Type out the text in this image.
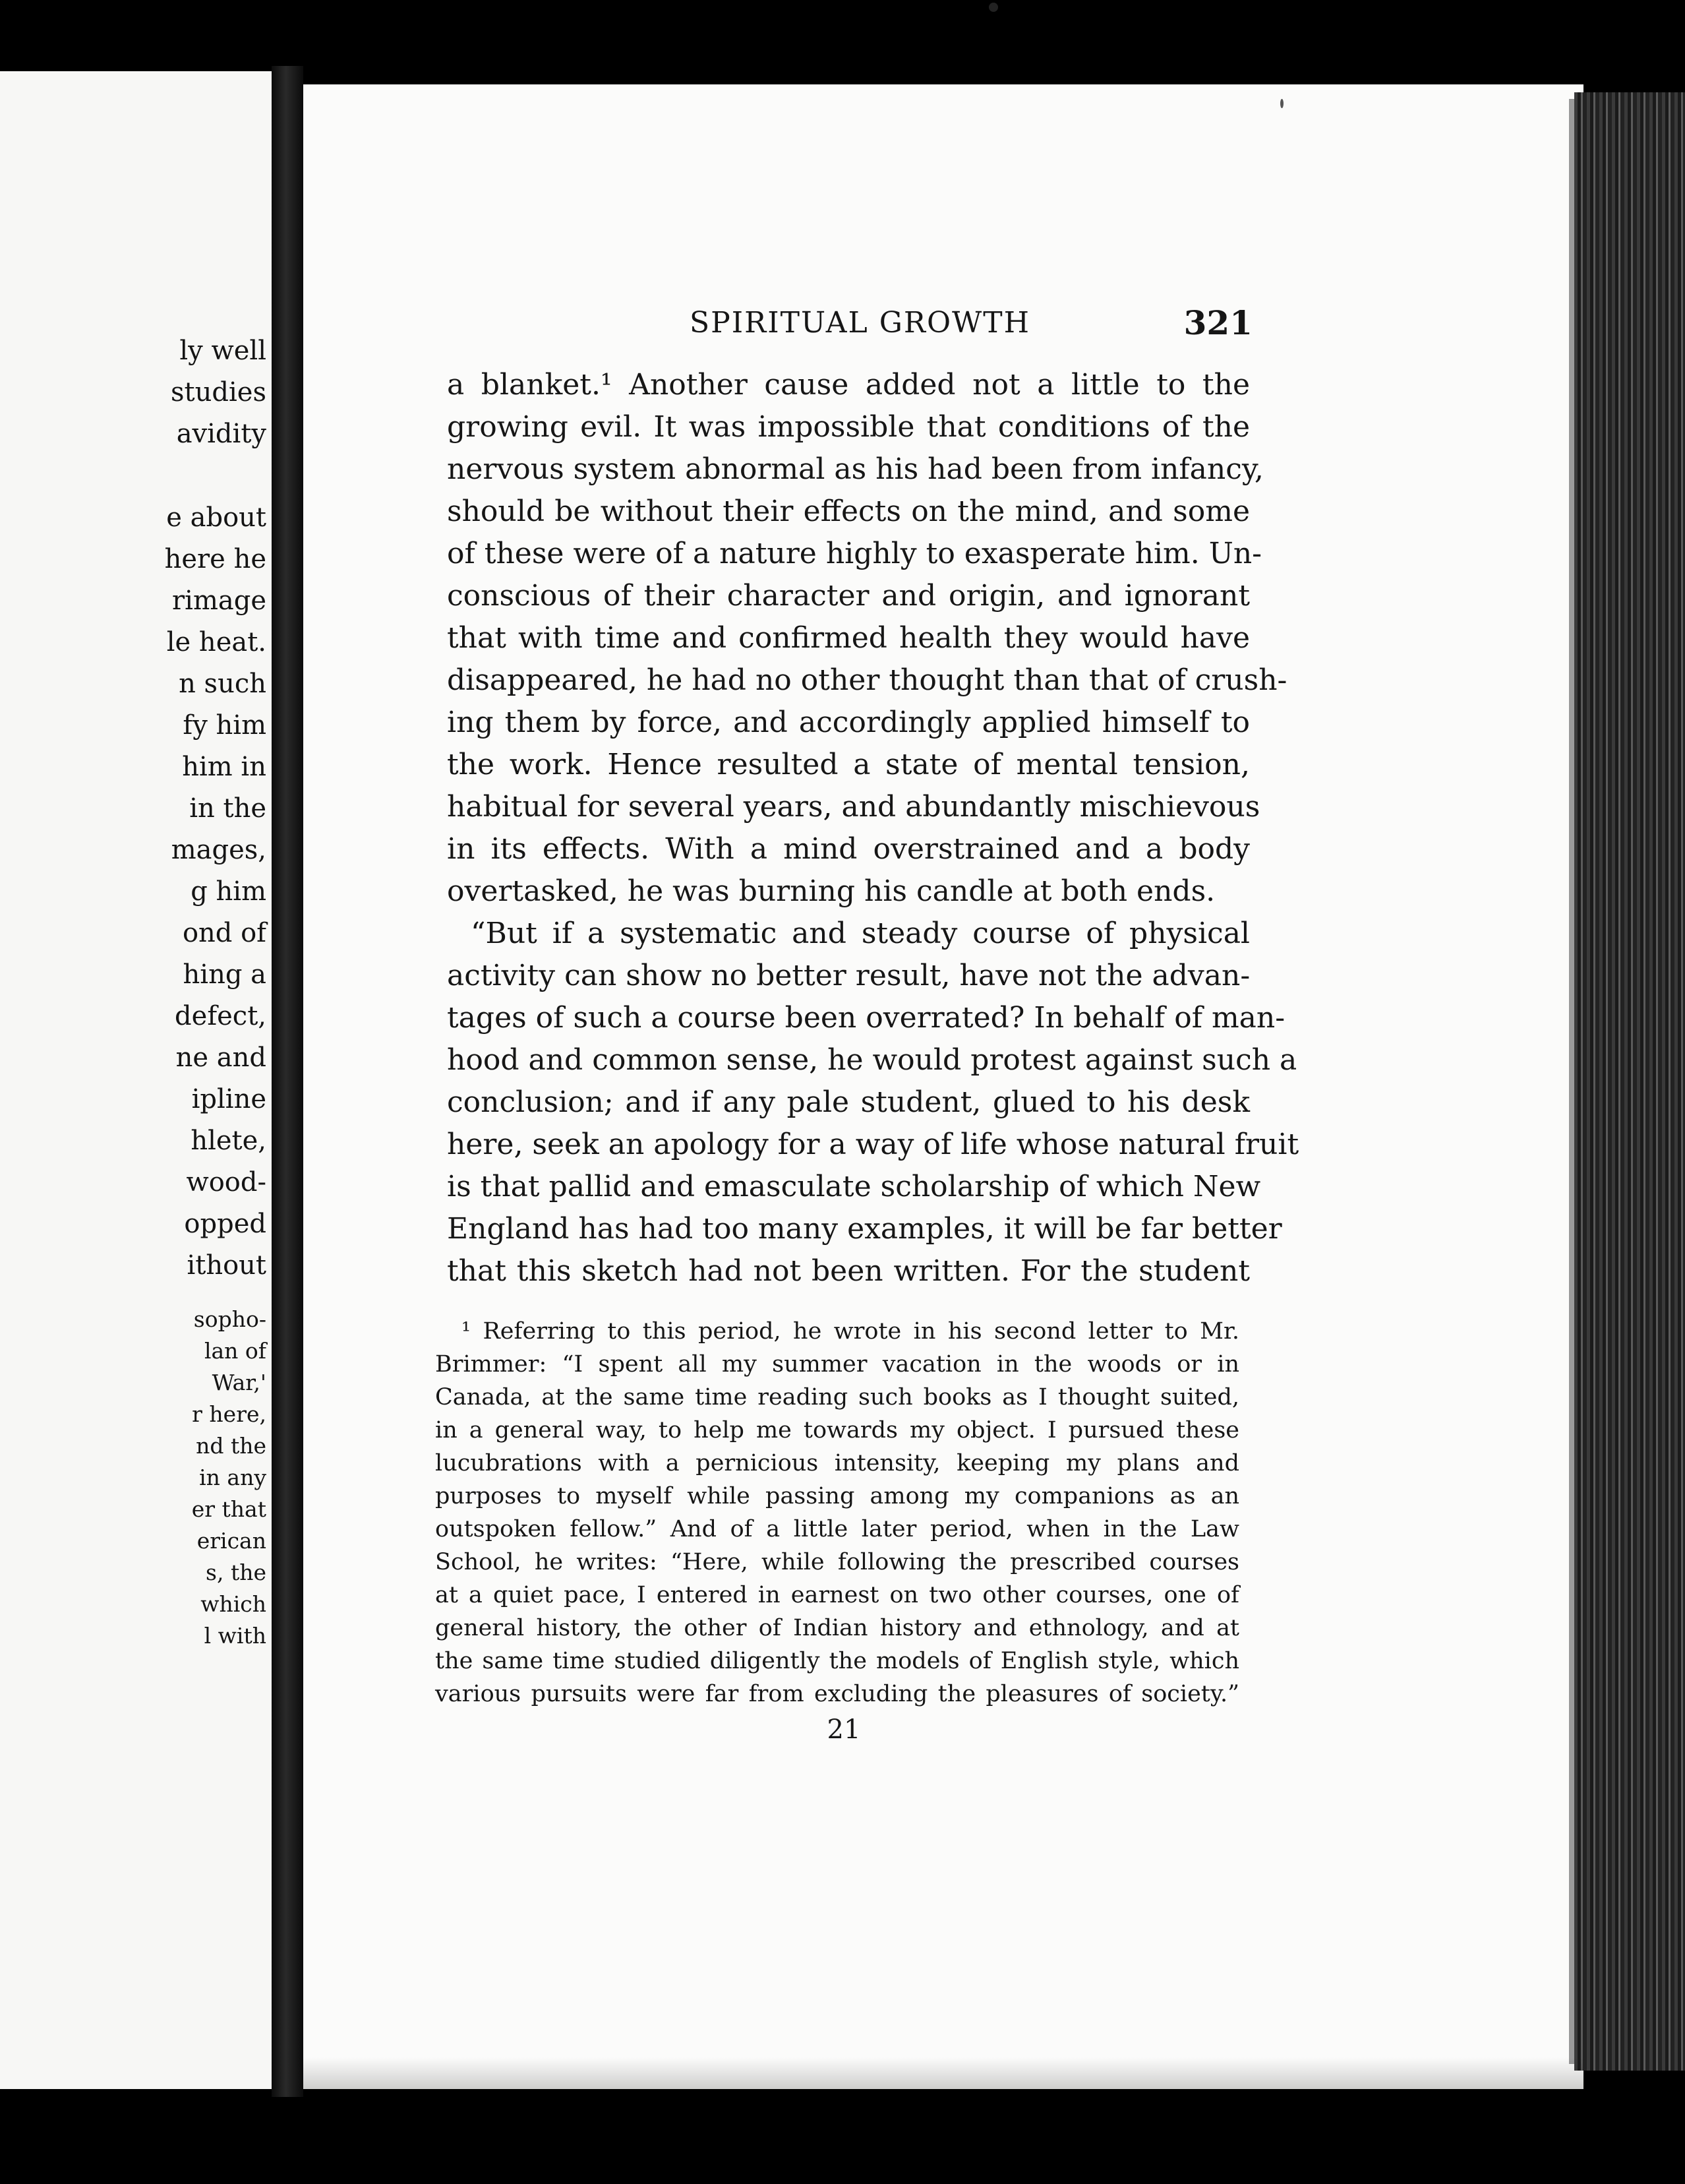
ly well
studies
avidity
e about
here he
rimage
le heat.
n such
fy him
him in
in the
mages,
g him
ond of
hing a
defect,
ne and
ipline
hlete,
wood-
opped
ithout
sopho-
lan of
War,'
r here,
nd the
in any
er that
erican
s, the
which
l with
SPIRITUAL GROWTH	321
a blanket.¹ Another cause added not a little to the
growing evil. It was impossible that conditions of the
nervous system abnormal as his had been from infancy,
should be without their effects on the mind, and some
of these were of a nature highly to exasperate him. Un-
conscious of their character and origin, and ignorant
that with time and confirmed health they would have
disappeared, he had no other thought than that of crush-
ing them by force, and accordingly applied himself to
the work. Hence resulted a state of mental tension,
habitual for several years, and abundantly mischievous
in its effects. With a mind overstrained and a body
overtasked, he was burning his candle at both ends.
“But if a systematic and steady course of physical
activity can show no better result, have not the advan-
tages of such a course been overrated? In behalf of man-
hood and common sense, he would protest against such a
conclusion; and if any pale student, glued to his desk
here, seek an apology for a way of life whose natural fruit
is that pallid and emasculate scholarship of which New
England has had too many examples, it will be far better
that this sketch had not been written. For the student
¹ Referring to this period, he wrote in his second letter to Mr.
Brimmer: “I spent all my summer vacation in the woods or in
Canada, at the same time reading such books as I thought suited,
in a general way, to help me towards my object. I pursued these
lucubrations with a pernicious intensity, keeping my plans and
purposes to myself while passing among my companions as an
outspoken fellow.” And of a little later period, when in the Law
School, he writes: “Here, while following the prescribed courses
at a quiet pace, I entered in earnest on two other courses, one of
general history, the other of Indian history and ethnology, and at
the same time studied diligently the models of English style, which
various pursuits were far from excluding the pleasures of society.”
21
